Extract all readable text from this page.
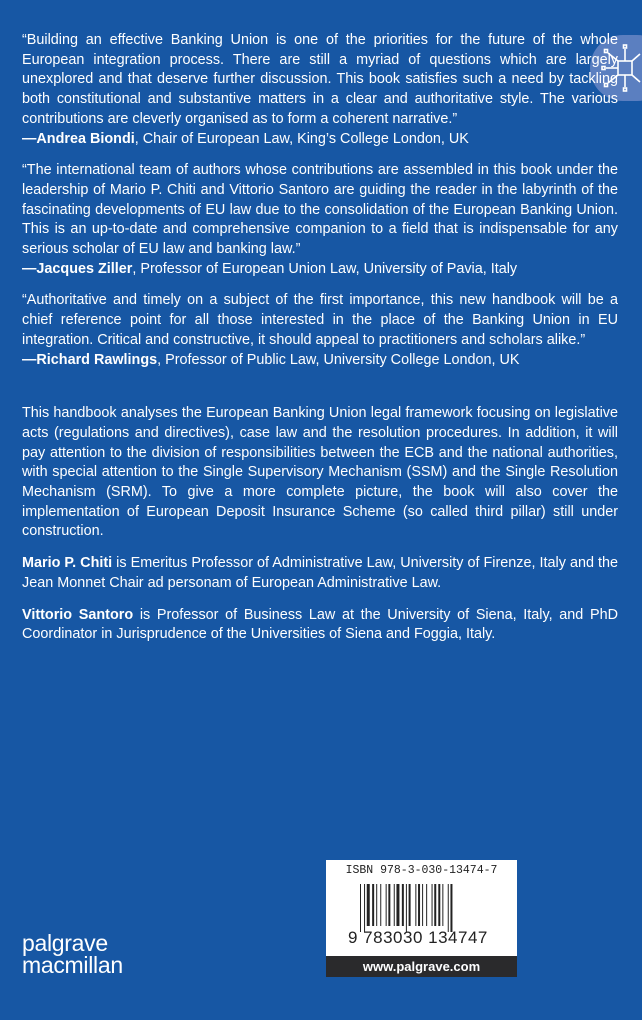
“Building an effective Banking Union is one of the priorities for the future of the whole European integration process. There are still a myriad of questions which are largely unexplored and that deserve further discussion. This book satisfies such a need by tackling both constitutional and substantive matters in a clear and authoritative style. The various contributions are cleverly organised as to form a coherent narrative.”
—Andrea Biondi, Chair of European Law, King’s College London, UK

“The international team of authors whose contributions are assembled in this book under the leadership of Mario P. Chiti and Vittorio Santoro are guiding the reader in the labyrinth of the fascinating developments of EU law due to the consolidation of the European Banking Union. This is an up-to-date and comprehensive companion to a field that is indispensable for any serious scholar of EU law and banking law.”
—Jacques Ziller, Professor of European Union Law, University of Pavia, Italy

“Authoritative and timely on a subject of the first importance, this new handbook will be a chief reference point for all those interested in the place of the Banking Union in EU integration. Critical and constructive, it should appeal to practitioners and scholars alike.”
—Richard Rawlings, Professor of Public Law, University College London, UK

This handbook analyses the European Banking Union legal framework focusing on legislative acts (regulations and directives), case law and the resolution procedures. In addition, it will pay attention to the division of responsibilities between the ECB and the national authorities, with special attention to the Single Supervisory Mechanism (SSM) and the Single Resolution Mechanism (SRM). To give a more complete picture, the book will also cover the implementation of European Deposit Insurance Scheme (so called third pillar) still under construction.

Mario P. Chiti is Emeritus Professor of Administrative Law, University of Firenze, Italy and the Jean Monnet Chair ad personam of European Administrative Law.

Vittorio Santoro is Professor of Business Law at the University of Siena, Italy, and PhD Coordinator in Jurisprudence of the Universities of Siena and Foggia, Italy.

palgrave
macmillan
ISBN 978-3-030-13474-7
9 783030 134747
www.palgrave.com
